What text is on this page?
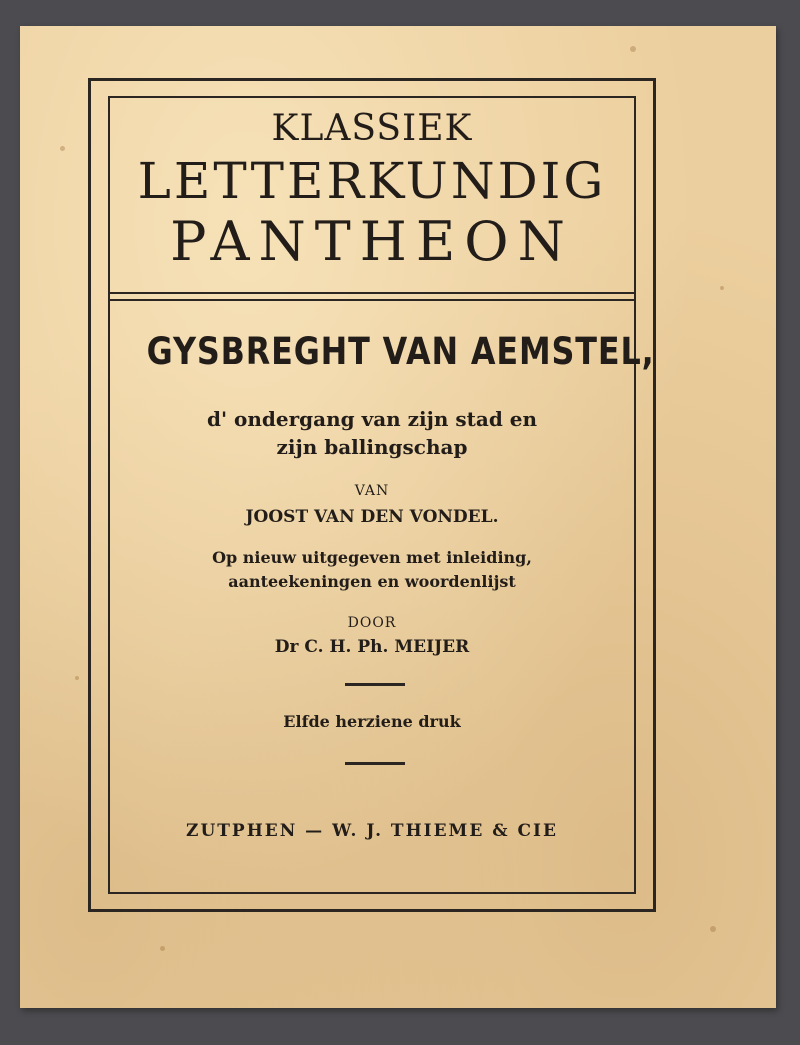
KLASSIEK
LETTERKUNDIG
PANTHEON
GYSBREGHT VAN AEMSTEL,
d' ondergang van zijn stad en
zijn ballingschap
VAN
JOOST VAN DEN VONDEL.
Op nieuw uitgegeven met inleiding,
aanteekeningen en woordenlijst
DOOR
Dr C. H. Ph. MEIJER
Elfde herziene druk
ZUTPHEN — W. J. THIEME & CIE
